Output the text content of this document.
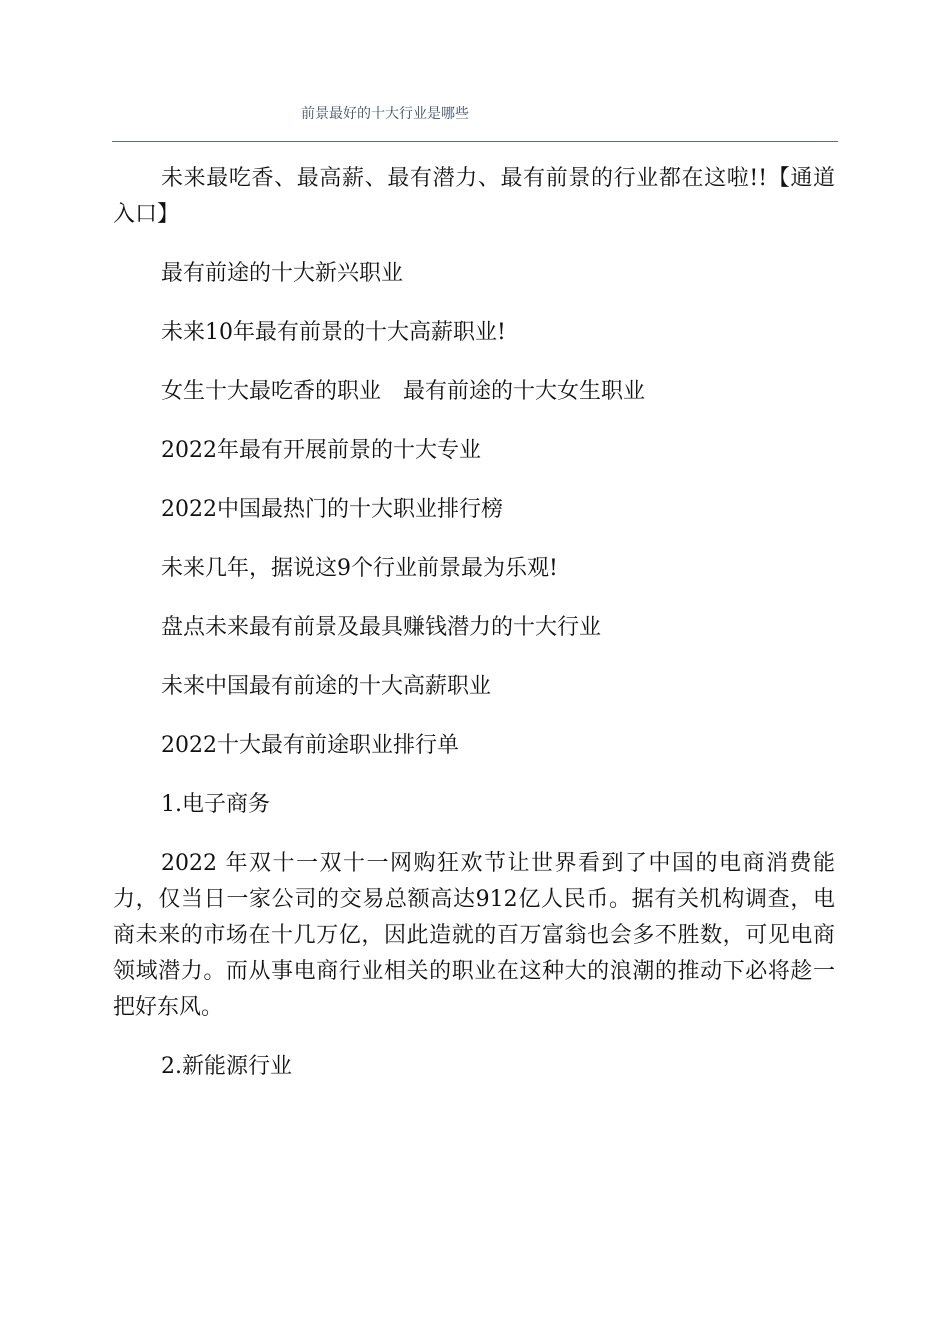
前景最好的十大行业是哪些

未来最吃香、最高薪、最有潜力、最有前景的行业都在这啦!!【通道入口】

最有前途的十大新兴职业

未来10年最有前景的十大高薪职业!

女生十大最吃香的职业　最有前途的十大女生职业

2022年最有开展前景的十大专业

2022中国最热门的十大职业排行榜

未来几年，据说这9个行业前景最为乐观!

盘点未来最有前景及最具赚钱潜力的十大行业

未来中国最有前途的十大高薪职业

2022十大最有前途职业排行单

1.电子商务

2022 年双十一双十一网购狂欢节让世界看到了中国的电商消费能力，仅当日一家公司的交易总额高达912亿人民币。据有关机构调查，电商未来的市场在十几万亿，因此造就的百万富翁也会多不胜数，可见电商领域潜力。而从事电商行业相关的职业在这种大的浪潮的推动下必将趁一把好东风。

2.新能源行业
